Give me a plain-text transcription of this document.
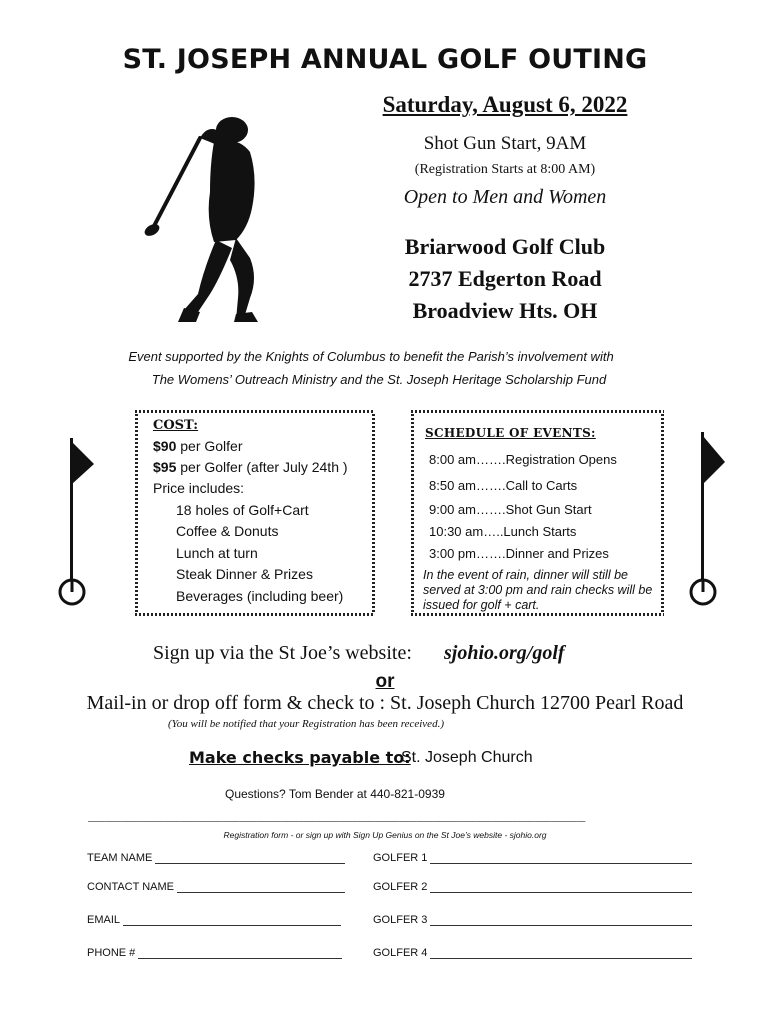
ST. JOSEPH ANNUAL GOLF OUTING
Saturday, August 6, 2022
Shot Gun Start, 9AM
(Registration Starts at 8:00 AM)
Open to Men and Women
Briarwood Golf Club
2737 Edgerton Road
Broadview Hts. OH
Event supported by the Knights of Columbus to benefit the Parish’s involvement with
The Womens’ Outreach Ministry and the St. Joseph Heritage Scholarship Fund
COST:
$90 per Golfer
$95 per Golfer (after July 24th )
Price includes:
18 holes of Golf+Cart
Coffee & Donuts
Lunch at turn
Steak Dinner & Prizes
Beverages (including beer)
SCHEDULE OF EVENTS:
8:00 am…….Registration Opens
8:50 am…….Call to Carts
9:00 am…….Shot Gun Start
10:30 am…..Lunch Starts
3:00 pm…….Dinner and Prizes
In the event of rain, dinner will still be served at 3:00 pm and rain checks will be issued for golf + cart.
Sign up via the St Joe’s website: sjohio.org/golf
or
Mail-in or drop off form & check to : St. Joseph Church 12700 Pearl Road
(You will be notified that your Registration has been received.)
Make checks payable to:
St. Joseph Church
Questions? Tom Bender at 440-821-0939
___________________________________________________________
Registration form - or sign up with Sign Up Genius on the St Joe’s website - sjohio.org
TEAM NAME
CONTACT NAME
EMAIL
PHONE #
GOLFER 1
GOLFER 2
GOLFER 3
GOLFER 4
